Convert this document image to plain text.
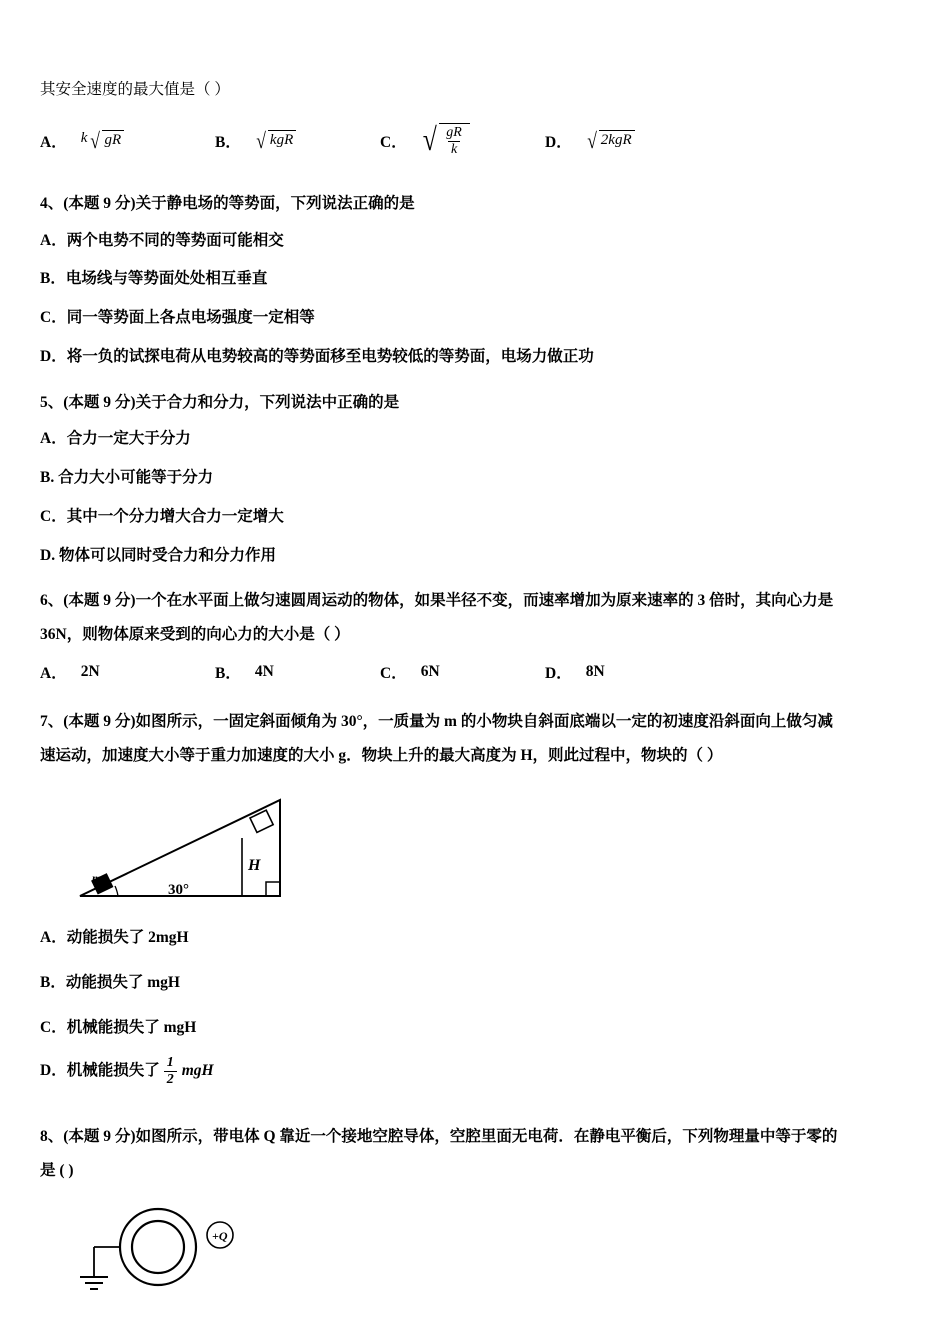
其安全速度的最大值是（ ）
A． k √ gR	B． √ kgR	C． √ $\frac{gR}{k}$	D． √ 2kgR
4、(本题 9 分)关于静电场的等势面，下列说法正确的是
A．两个电势不同的等势面可能相交
B．电场线与等势面处处相互垂直
C．同一等势面上各点电场强度一定相等
D．将一负的试探电荷从电势较高的等势面移至电势较低的等势面，电场力做正功
5、(本题 9 分)关于合力和分力，下列说法中正确的是
A．合力一定大于分力
B. 合力大小可能等于分力
C．其中一个分力增大合力一定增大
D. 物体可以同时受合力和分力作用
6、(本题 9 分)一个在水平面上做匀速圆周运动的物体，如果半径不变，而速率增加为原来速率的 3 倍时，其向心力是
36N，则物体原来受到的向心力的大小是（ ）
A． 2N	B． 4N	C． 6N	D． 8N
7、(本题 9 分)如图所示，一固定斜面倾角为 30°，一质量为 m 的小物块自斜面底端以一定的初速度沿斜面向上做匀减
速运动，加速度大小等于重力加速度的大小 g．物块上升的最大高度为 H，则此过程中，物块的（ ）
30°
H
m
A．动能损失了 2mgH
B．动能损失了 mgH
C．机械能损失了 mgH
D． 机械能损失了 $\frac{1}{2}$ mgH
8、(本题 9 分)如图所示，带电体 Q 靠近一个接地空腔导体，空腔里面无电荷．在静电平衡后，下列物理量中等于零的
是 ( )
+Q
